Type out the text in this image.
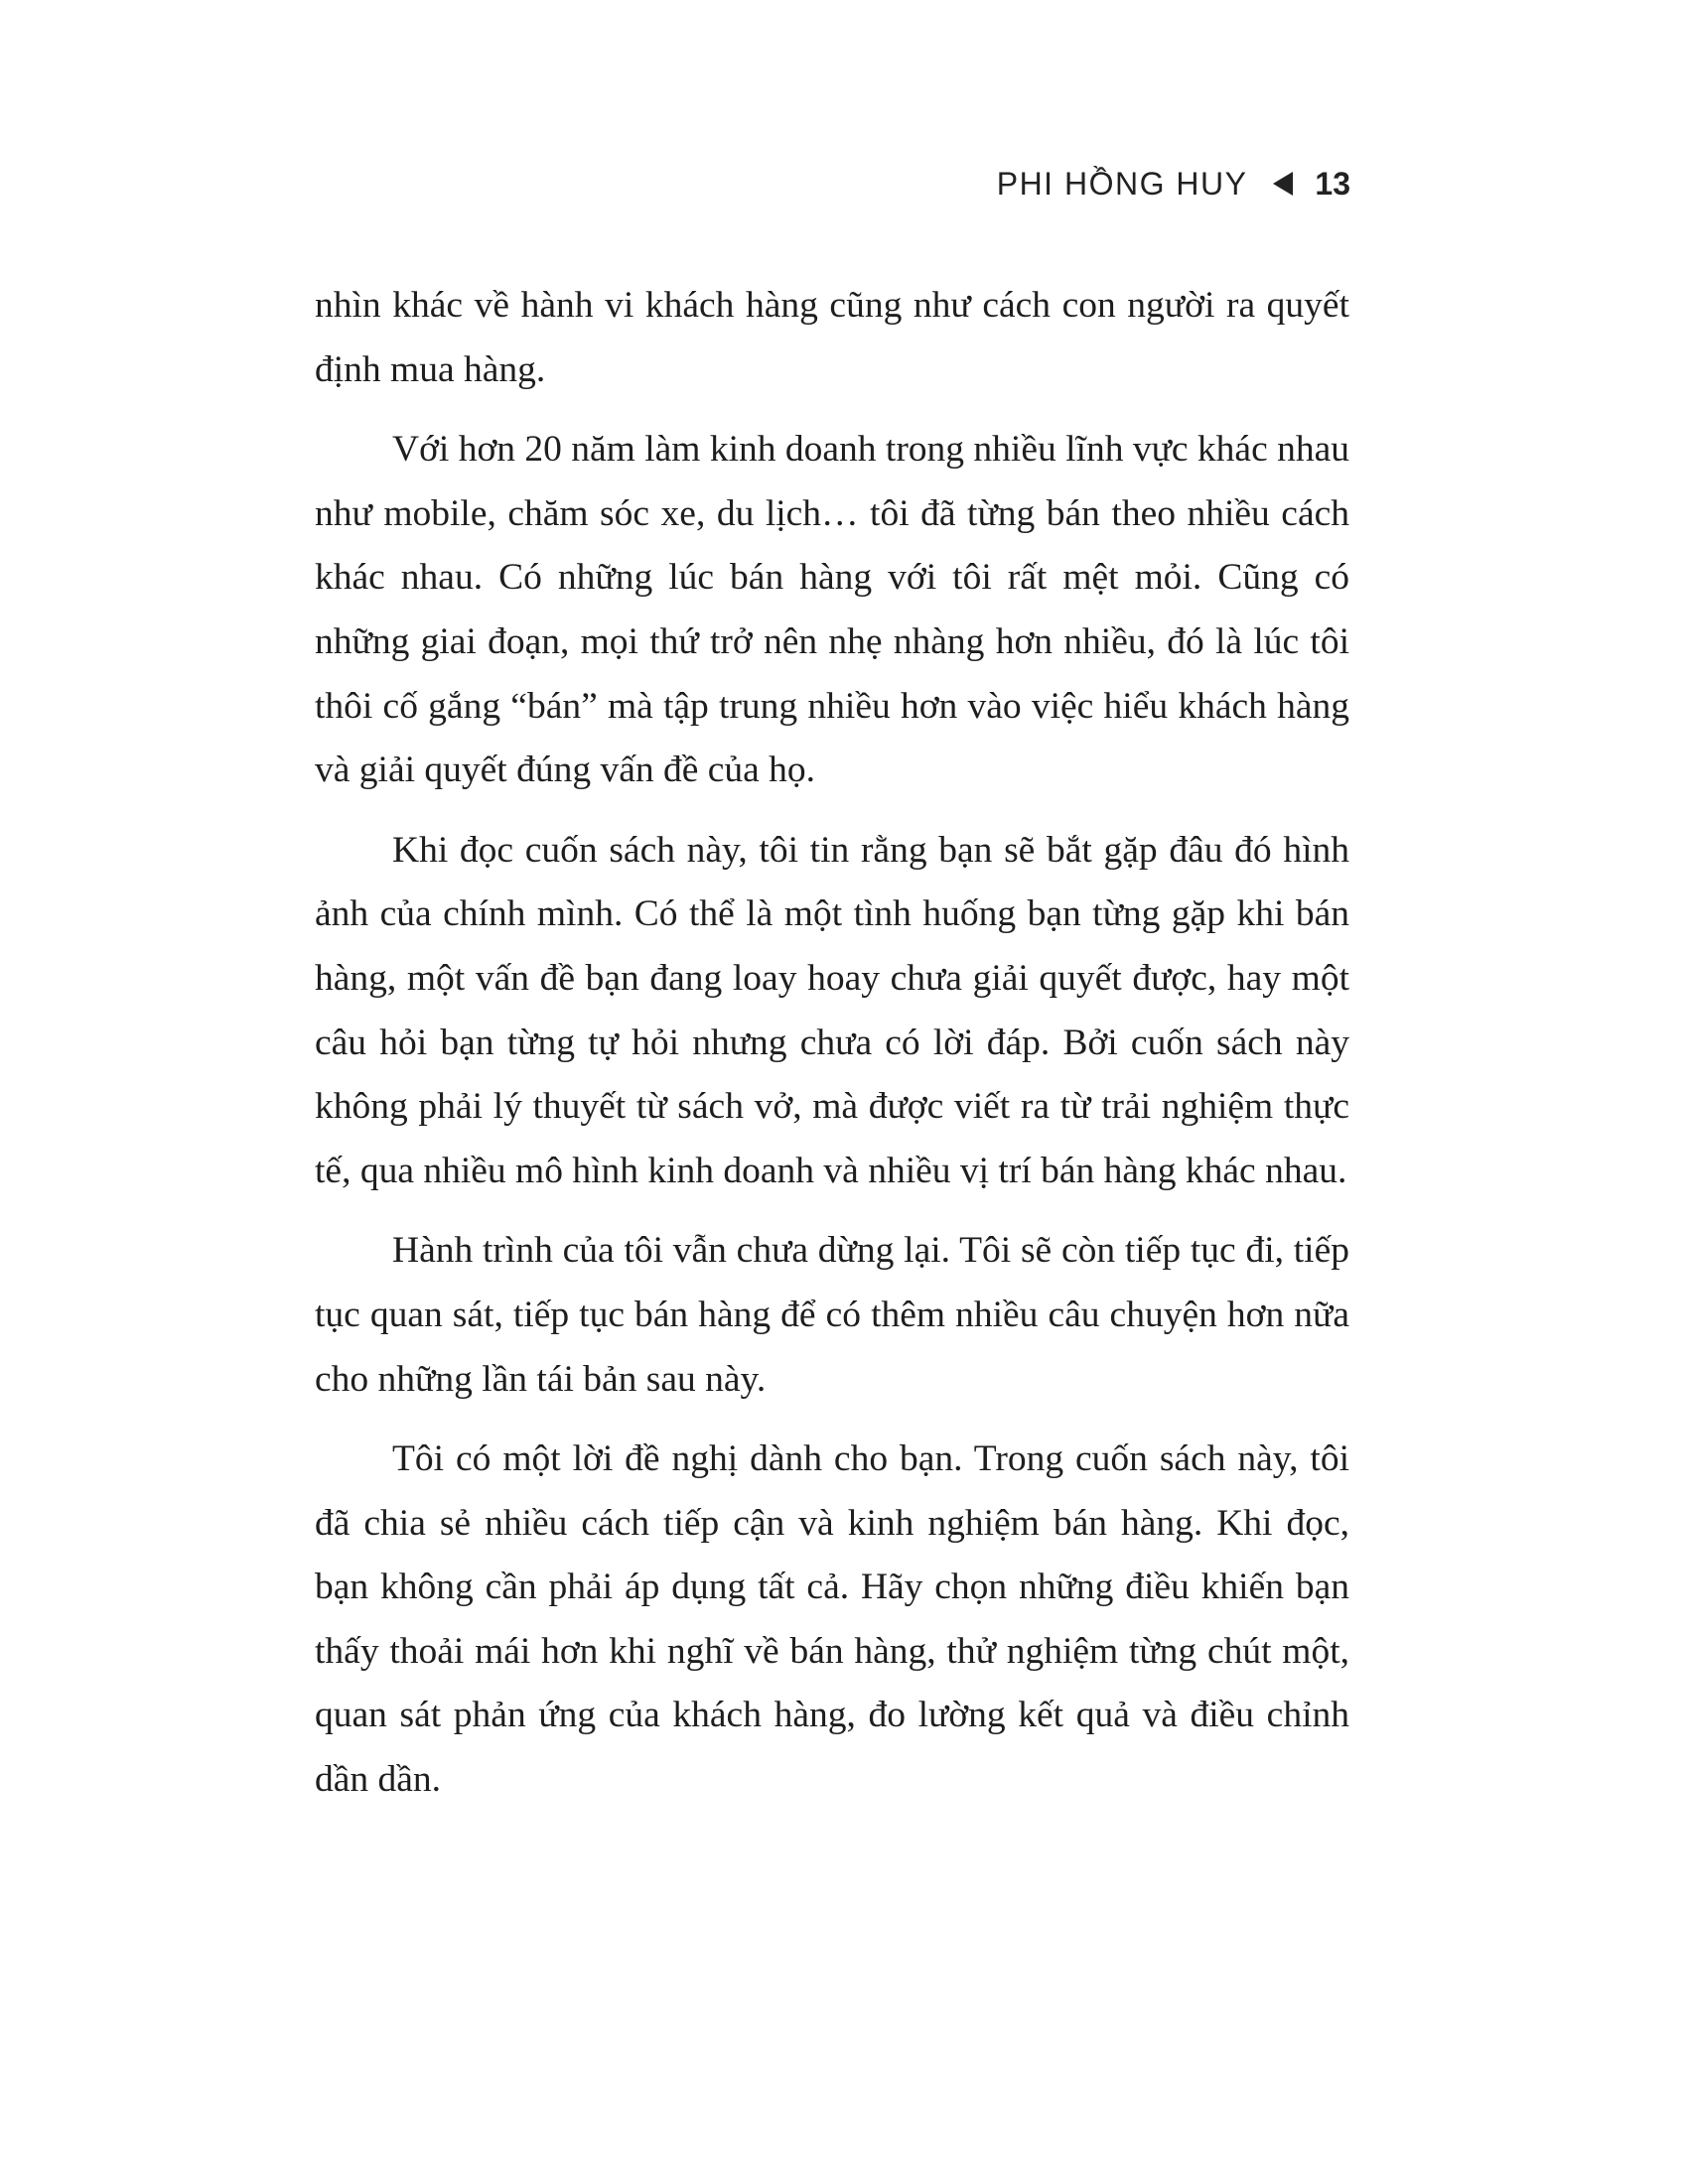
PHI HỒNG HUY 13

nhìn khác về hành vi khách hàng cũng như cách con người ra quyết định mua hàng.

Với hơn 20 năm làm kinh doanh trong nhiều lĩnh vực khác nhau như mobile, chăm sóc xe, du lịch… tôi đã từng bán theo nhiều cách khác nhau. Có những lúc bán hàng với tôi rất mệt mỏi. Cũng có những giai đoạn, mọi thứ trở nên nhẹ nhàng hơn nhiều, đó là lúc tôi thôi cố gắng “bán” mà tập trung nhiều hơn vào việc hiểu khách hàng và giải quyết đúng vấn đề của họ.

Khi đọc cuốn sách này, tôi tin rằng bạn sẽ bắt gặp đâu đó hình ảnh của chính mình. Có thể là một tình huống bạn từng gặp khi bán hàng, một vấn đề bạn đang loay hoay chưa giải quyết được, hay một câu hỏi bạn từng tự hỏi nhưng chưa có lời đáp. Bởi cuốn sách này không phải lý thuyết từ sách vở, mà được viết ra từ trải nghiệm thực tế, qua nhiều mô hình kinh doanh và nhiều vị trí bán hàng khác nhau.

Hành trình của tôi vẫn chưa dừng lại. Tôi sẽ còn tiếp tục đi, tiếp tục quan sát, tiếp tục bán hàng để có thêm nhiều câu chuyện hơn nữa cho những lần tái bản sau này.

Tôi có một lời đề nghị dành cho bạn. Trong cuốn sách này, tôi đã chia sẻ nhiều cách tiếp cận và kinh nghiệm bán hàng. Khi đọc, bạn không cần phải áp dụng tất cả. Hãy chọn những điều khiến bạn thấy thoải mái hơn khi nghĩ về bán hàng, thử nghiệm từng chút một, quan sát phản ứng của khách hàng, đo lường kết quả và điều chỉnh dần dần.
